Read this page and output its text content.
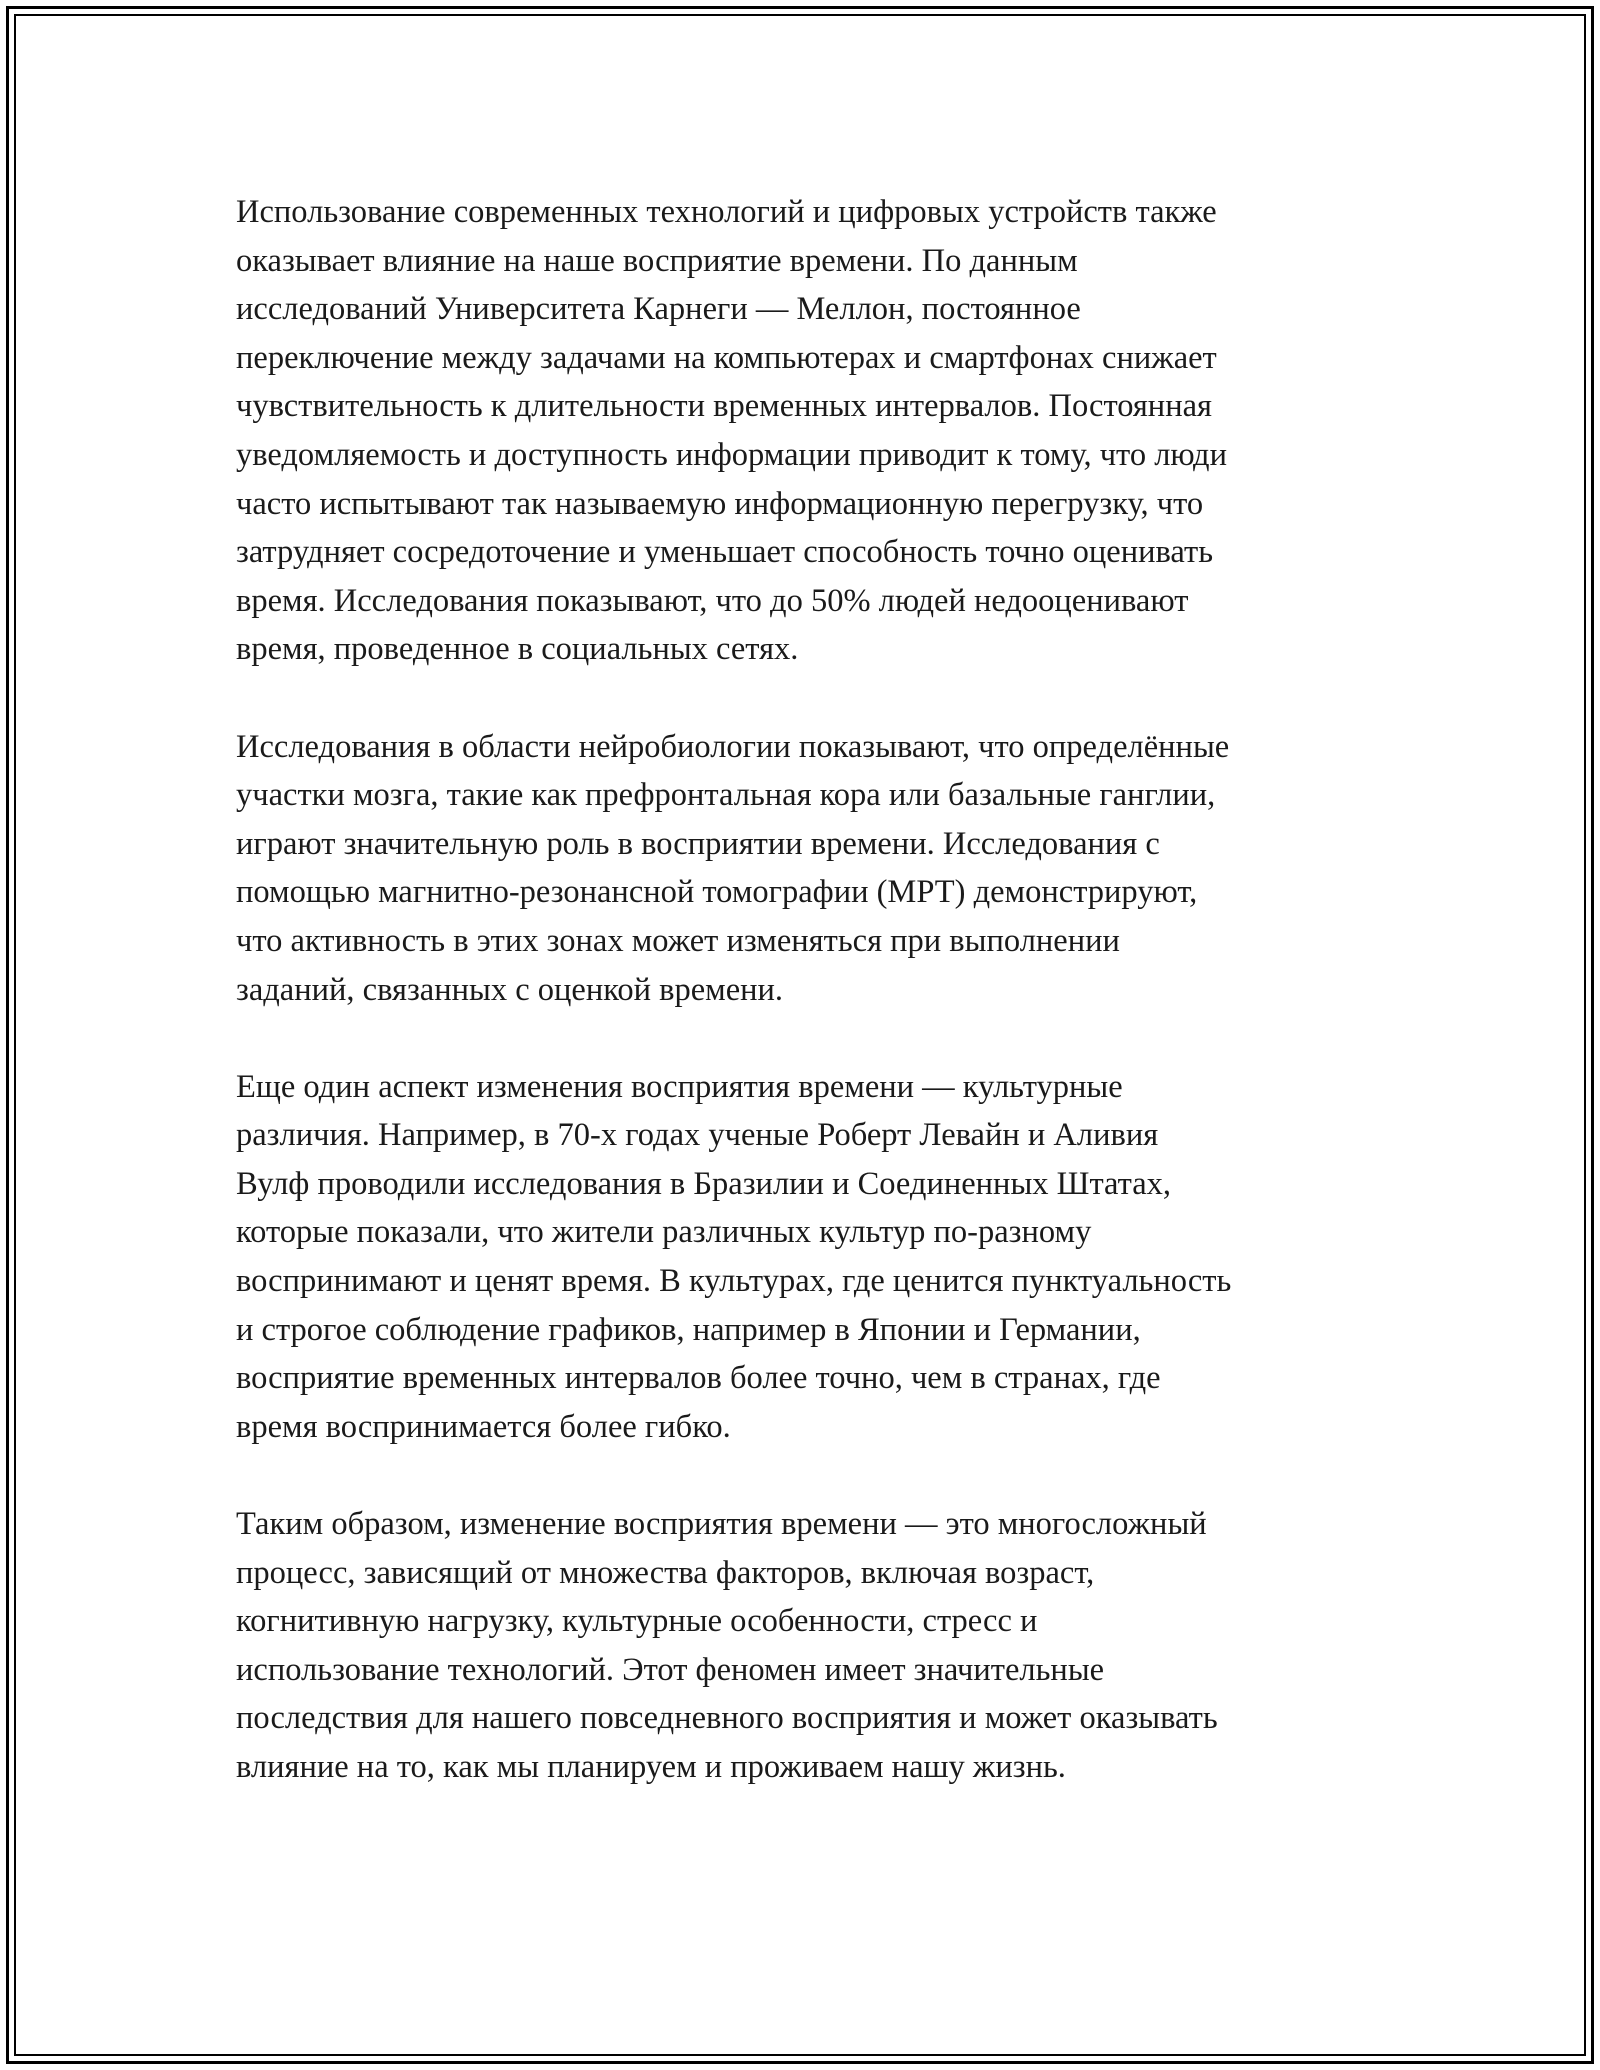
Использование современных технологий и цифровых устройств также
оказывает влияние на наше восприятие времени. По данным
исследований Университета Карнеги — Меллон, постоянное
переключение между задачами на компьютерах и смартфонах снижает
чувствительность к длительности временных интервалов. Постоянная
уведомляемость и доступность информации приводит к тому, что люди
часто испытывают так называемую информационную перегрузку, что
затрудняет сосредоточение и уменьшает способность точно оценивать
время. Исследования показывают, что до 50% людей недооценивают
время, проведенное в социальных сетях.

Исследования в области нейробиологии показывают, что определённые
участки мозга, такие как префронтальная кора или базальные ганглии,
играют значительную роль в восприятии времени. Исследования с
помощью магнитно-резонансной томографии (МРТ) демонстрируют,
что активность в этих зонах может изменяться при выполнении
заданий, связанных с оценкой времени.

Еще один аспект изменения восприятия времени — культурные
различия. Например, в 70-х годах ученые Роберт Левайн и Аливия
Вулф проводили исследования в Бразилии и Соединенных Штатах,
которые показали, что жители различных культур по-разному
воспринимают и ценят время. В культурах, где ценится пунктуальность
и строгое соблюдение графиков, например в Японии и Германии,
восприятие временных интервалов более точно, чем в странах, где
время воспринимается более гибко.

Таким образом, изменение восприятия времени — это многосложный
процесс, зависящий от множества факторов, включая возраст,
когнитивную нагрузку, культурные особенности, стресс и
использование технологий. Этот феномен имеет значительные
последствия для нашего повседневного восприятия и может оказывать
влияние на то, как мы планируем и проживаем нашу жизнь.
